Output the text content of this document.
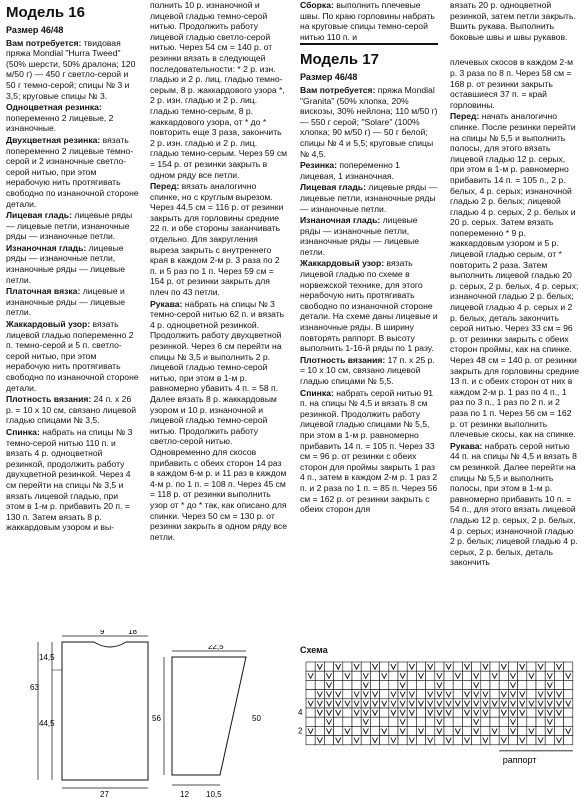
Модель 16
Размер 46/48

Вам потребуется: твидовая пряжа Mondial "Hurra Tweed" (50% шерсти, 50% дралона; 120 м/50 г) — 450 г светло-серой и 50 г темно-серой; спицы № 3 и 3,5; круговые спицы № 3.

Одноцветная резинка: попеременно 2 лицевые, 2 изнаночные.

Двухцветная резинка: вязать попеременно 2 лицевые темно-серой и 2 изнаночные светло-серой нитью, при этом нерабочую нить протягивать свободно по изнаночной стороне детали.

Лицевая гладь: лицевые ряды — лицевые петли, изнаночные ряды — изнаночные петли.

Изнаночная гладь: лицевые ряды — изнаночные петли, изнаночные ряды — лицевые петли.

Платочная вязка: лицевые и изнаночные ряды — лицевые петли.

Жаккардовый узор: вязать лицевой гладью попеременно 2 п. темно-серой и 5 п. светло-серой нитью, при этом нерабочую нить протягивать свободно по изнаночной стороне детали.

Плотность вязания: 24 п. х 26 р. = 10 х 10 см, связано лицевой гладью спицами № 3,5.

Спинка: набрать на спицы № 3 темно-серой нитью 110 п. и вязать 4 р. одноцветной резинкой, продолжить работу двухцветной резинкой. Через 4 см перейти на спицы № 3,5 и вязать лицевой гладью, при этом в 1-м р. прибавить 20 п. = 130 п. Затем вязать 8 р. жаккардовым узором и вы-

полнить 10 р. изнаночной и лицевой гладью темно-серой нитью. Продолжить работу лицевой гладью светло-серой нитью. Через 54 см = 140 р. от резинки вязать в следующей последовательности: * 2 р. изн. гладью и 2 р. лиц. гладью темно-серым, 8 р. жаккардового узора *, 2 р. изн. гладью и 2 р. лиц. гладью темно-серым, 8 р. жаккардового узора, от * до * повторить еще 3 раза, закончить 2 р. изн. гладью и 2 р. лиц. гладью темно-серым. Через 59 см = 154 р. от резинки закрыть в одном ряду все петли.

Перед: вязать аналогично спинке, но с круглым вырезом. Через 44,5 см = 116 р. от резинки закрыть для горловины средние 22 п. и обе стороны заканчивать отдельно. Для закругления выреза закрыть с внутреннего края в каждом 2-м р. 3 раза по 2 п. и 5 раз по 1 п. Через 59 см = 154 р. от резинки закрыть для плеч по 43 петли.

Рукава: набрать на спицы № 3 темно-серой нитью 62 п. и вязать 4 р. одноцветной резинкой. Продолжить работу двухцветной резинкой. Через 6 см перейти на спицы № 3,5 и выполнить 2 р. лицевой гладью темно-серой нитью, при этом в 1-м р. равномерно убавить 4 п. = 58 п. Далее вязать 8 р. жаккардовым узором и 10 р. изнаночной и лицевой гладью темно-серой нитью. Продолжить работу светло-серой нитью. Одновременно для скосов прибавить с обеих сторон 14 раз в каждом 6-м р. и 11 раз в каждом 4-м р. по 1 п. = 108 п. Через 45 см = 118 р. от резинки выполнить узор от * до * так, как описано для спинки. Через 50 см = 130 р. от резинки закрыть в одном ряду все петли.

Сборка: выполнить плечевые швы. По краю горловины набрать на круговые спицы темно-серой нитью 110 п. и

Модель 17
Размер 46/48

Вам потребуется: пряжа Mondial "Granita" (50% хлопка, 20% вискозы, 30% нейлона; 110 м/50 г) — 550 г серой; "Solare" (100% хлопка; 90 м/50 г) — 50 г белой; спицы № 4 и 5,5; круговые спицы № 4,5.

Резинка: попеременно 1 лицевая, 1 изнаночная.

Лицевая гладь: лицевые ряды — лицевые петли, изнаночные ряды — изнаночные петли.

Изнаночная гладь: лицевые ряды — изнаночные петли, изнаночные ряды — лицевые петли.

Жаккардовый узор: вязать лицевой гладью по схеме в норвежской технике, для этого нерабочую нить протягивать свободно по изнаночной стороне детали. На схеме даны лицевые и изнаночные ряды. В ширину повторять раппорт. В высоту выполнить 1-16-й ряды по 1 разу.

Плотность вязания: 17 п. х 25 р. = 10 х 10 см, связано лицевой гладью спицами № 5,5.

Спинка: набрать серой нитью 91 п. на спицы № 4,5 и вязать 8 см резинкой. Продолжить работу лицевой гладью спицами № 5,5, при этом в 1-м р. равномерно прибавить 14 п. = 105 п. Через 33 см = 96 р. от резинки с обеих сторон для проймы закрыть 1 раз 4 п., затем в каждом 2-м р. 1 раз 2 п. и 2 раза по 1 п. = 85 п. Через 56 см = 162 р. от резинки закрыть с обеих сторон для

вязать 20 р. одноцветной резинкой, затем петли закрыть. Вшить рукава. Выполнить боковые швы и швы рукавов.

плечевых скосов в каждом 2-м р. 3 раза по 8 п. Через 58 см = 168 р. от резинки закрыть оставшиеся 37 п. = край горловины.

Перед: начать аналогично спинке. После резинки перейти на спицы № 5,5 и выполнить полосы, для этого вязать лицевой гладью 12 р. серых, при этом в 1-м р. равномерно прибавить 14 п. = 105 п., 2 р. белых, 4 р. серых; изнаночной гладью 2 р. белых; лицевой гладью 4 р. серых, 2 р. белых и 20 р. серых. Затем вязать попеременно * 9 р. жаккардовым узором и 5 р. лицевой гладью серым, от * повторить 2 раза. Затем выполнить лицевой гладью 20 р. серых, 2 р. белых, 4 р. серых; изнаночной гладью 2 р. белых; лицевой гладью 4 р. серых и 2 р. белых, деталь закончить серой нитью. Через 33 см = 96 р. от резинки закрыть с обеих сторон проймы, как на спинке. Через 48 см = 140 р. от резинки закрыть для горловины средние 13 п. и с обеих сторон от них в каждом 2-м р. 1 раз по 4 п., 1 раз по 3 п., 1 раз по 2 п. и 2 раза по 1 п. Через 56 см = 162 р. от резинки выполнить плечевые скосы, как на спинке.

Рукава: набрать серой нитью 44 п. на спицы № 4,5 и вязать 8 см резинкой. Далее перейти на спицы № 5,5 и выполнить полосы, при этом в 1-м р. равномерно прибавить 10 п. = 54 п., для этого вязать лицевой гладью 12 р. серых, 2 р. белых, 4 р. серых; изнаночной гладью 2 р. белых; лицевой гладью 4 р. серых, 2 р. белых, деталь закончить

9	18
14,5
44,5
63
27
22,5
56	50
12 10,5
Схема
4
2
раппорт
